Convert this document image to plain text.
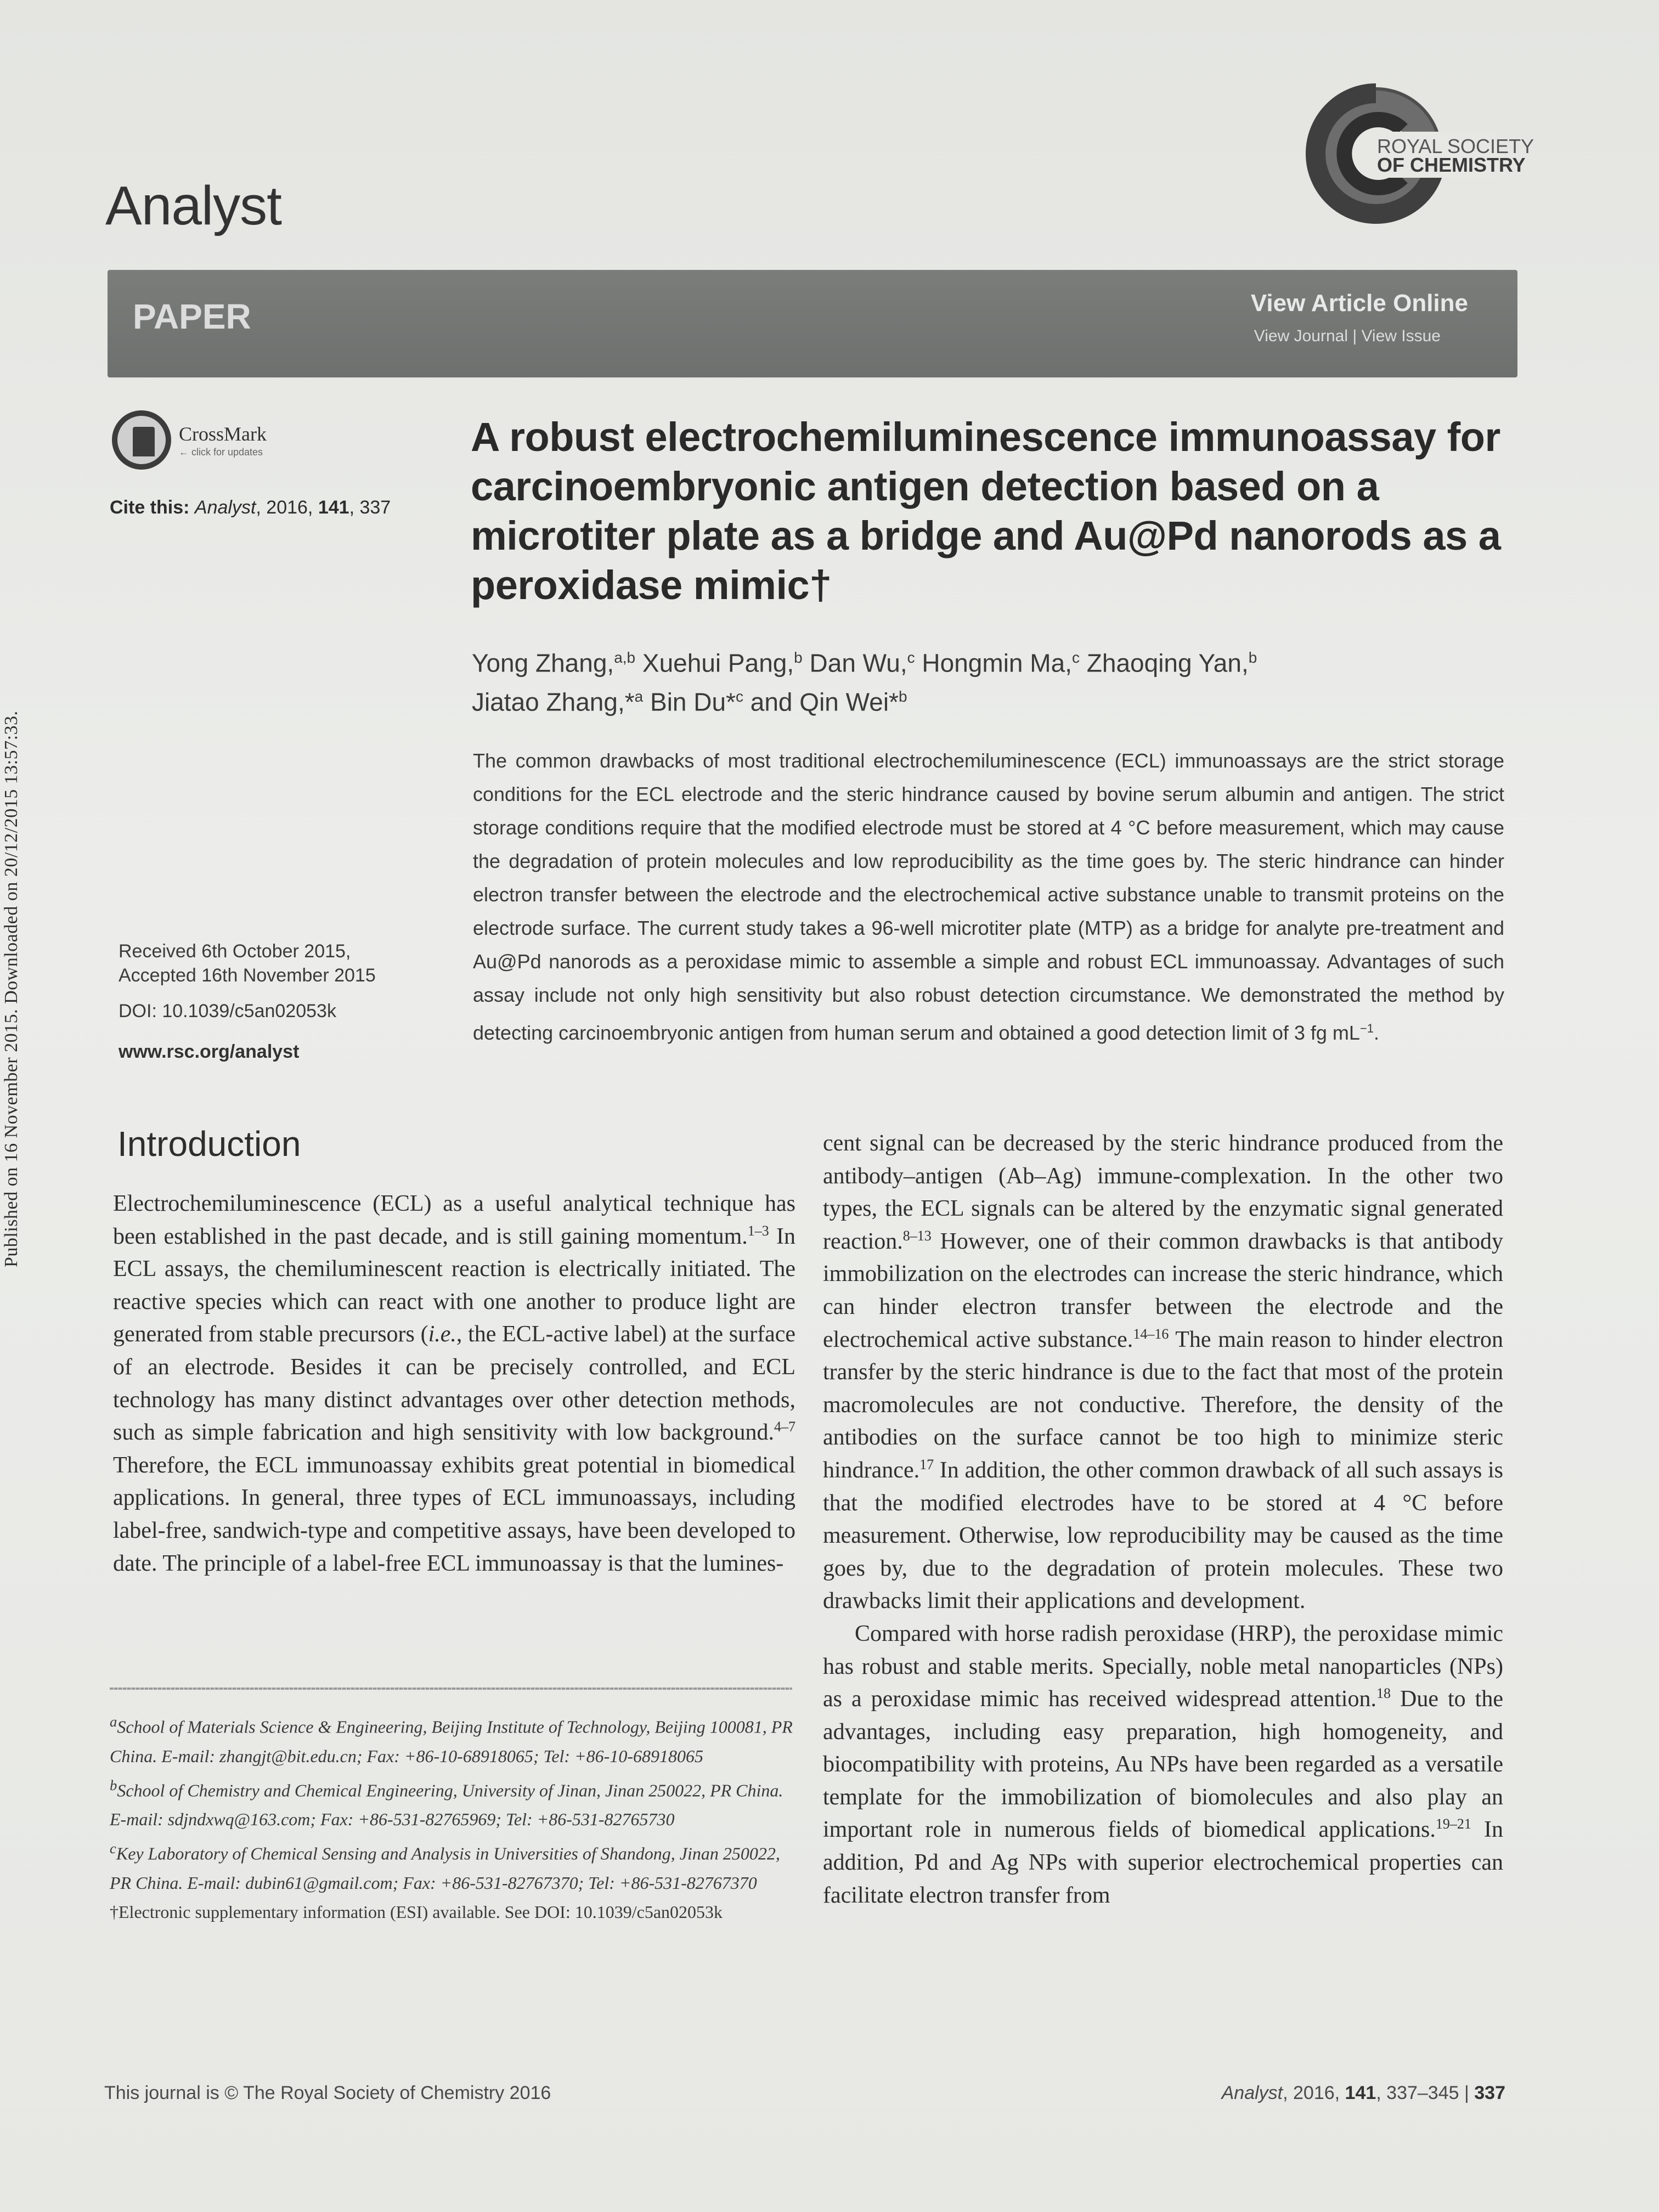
Published on 16 November 2015. Downloaded on 20/12/2015 13:57:33.
Analyst
ROYAL SOCIETY
OF CHEMISTRY
PAPER	View Article Online
View Journal | View Issue
CrossMark
← click for updates
Cite this: Analyst, 2016, 141, 337
A robust electrochemiluminescence immunoassay for carcinoembryonic antigen detection based on a microtiter plate as a bridge and Au@Pd nanorods as a peroxidase mimic†
Yong Zhang,$^{a,b}$ Xuehui Pang,$^b$ Dan Wu,$^c$ Hongmin Ma,$^c$ Zhaoqing Yan,$^b$
Jiatao Zhang,*$^a$ Bin Du*$^c$ and Qin Wei*$^b$
The common drawbacks of most traditional electrochemiluminescence (ECL) immunoassays are the strict storage conditions for the ECL electrode and the steric hindrance caused by bovine serum albumin and antigen. The strict storage conditions require that the modified electrode must be stored at 4 °C before measurement, which may cause the degradation of protein molecules and low reproducibility as the time goes by. The steric hindrance can hinder electron transfer between the electrode and the electrochemical active substance unable to transmit proteins on the electrode surface. The current study takes a 96-well microtiter plate (MTP) as a bridge for analyte pre-treatment and Au@Pd nanorods as a peroxidase mimic to assemble a simple and robust ECL immunoassay. Advantages of such assay include not only high sensitivity but also robust detection circumstance. We demonstrated the method by detecting carcinoembryonic antigen from human serum and obtained a good detection limit of 3 fg $mL^{-1}$.
Received 6th October 2015,
Accepted 16th November 2015
DOI: 10.1039/c5an02053k
www.rsc.org/analyst
Introduction

Electrochemiluminescence (ECL) as a useful analytical technique has been established in the past decade, and is still gaining momentum.$^{1-3}$ In ECL assays, the chemiluminescent reaction is electrically initiated. The reactive species which can react with one another to produce light are generated from stable precursors (i.e., the ECL-active label) at the surface of an electrode. Besides it can be precisely controlled, and ECL technology has many distinct advantages over other detection methods, such as simple fabrication and high sensitivity with low background.$^{4-7}$ Therefore, the ECL immunoassay exhibits great potential in biomedical applications. In general, three types of ECL immunoassays, including label-free, sandwich-type and competitive assays, have been developed to date. The principle of a label-free ECL immunoassay is that the lumines-

cent signal can be decreased by the steric hindrance produced from the antibody–antigen (Ab–Ag) immune-complexation. In the other two types, the ECL signals can be altered by the enzymatic signal generated reaction.$^{8-13}$ However, one of their common drawbacks is that antibody immobilization on the electrodes can increase the steric hindrance, which can hinder electron transfer between the electrode and the electrochemical active substance.$^{14-16}$ The main reason to hinder electron transfer by the steric hindrance is due to the fact that most of the protein macromolecules are not conductive. Therefore, the density of the antibodies on the surface cannot be too high to minimize steric hindrance.$^{17}$ In addition, the other common drawback of all such assays is that the modified electrodes have to be stored at 4 °C before measurement. Otherwise, low reproducibility may be caused as the time goes by, due to the degradation of protein molecules. These two drawbacks limit their applications and development.

Compared with horse radish peroxidase (HRP), the peroxidase mimic has robust and stable merits. Specially, noble metal nanoparticles (NPs) as a peroxidase mimic has received widespread attention.$^{18}$ Due to the advantages, including easy preparation, high homogeneity, and biocompatibility with proteins, Au NPs have been regarded as a versatile template for the immobilization of biomolecules and also play an important role in numerous fields of biomedical applications.$^{19-21}$ In addition, Pd and Ag NPs with superior electrochemical properties can facilitate electron transfer from

$^a$School of Materials Science & Engineering, Beijing Institute of Technology, Beijing 100081, PR China. E-mail: zhangjt@bit.edu.cn; Fax: +86-10-68918065; Tel: +86-10-68918065

$^b$School of Chemistry and Chemical Engineering, University of Jinan, Jinan 250022, PR China. E-mail: sdjndxwq@163.com; Fax: +86-531-82765969; Tel: +86-531-82765730

$^c$Key Laboratory of Chemical Sensing and Analysis in Universities of Shandong, Jinan 250022, PR China. E-mail: dubin61@gmail.com; Fax: +86-531-82767370; Tel: +86-531-82767370

†Electronic supplementary information (ESI) available. See DOI: 10.1039/c5an02053k

This journal is © The Royal Society of Chemistry 2016	Analyst, 2016, 141, 337–345 | 337
